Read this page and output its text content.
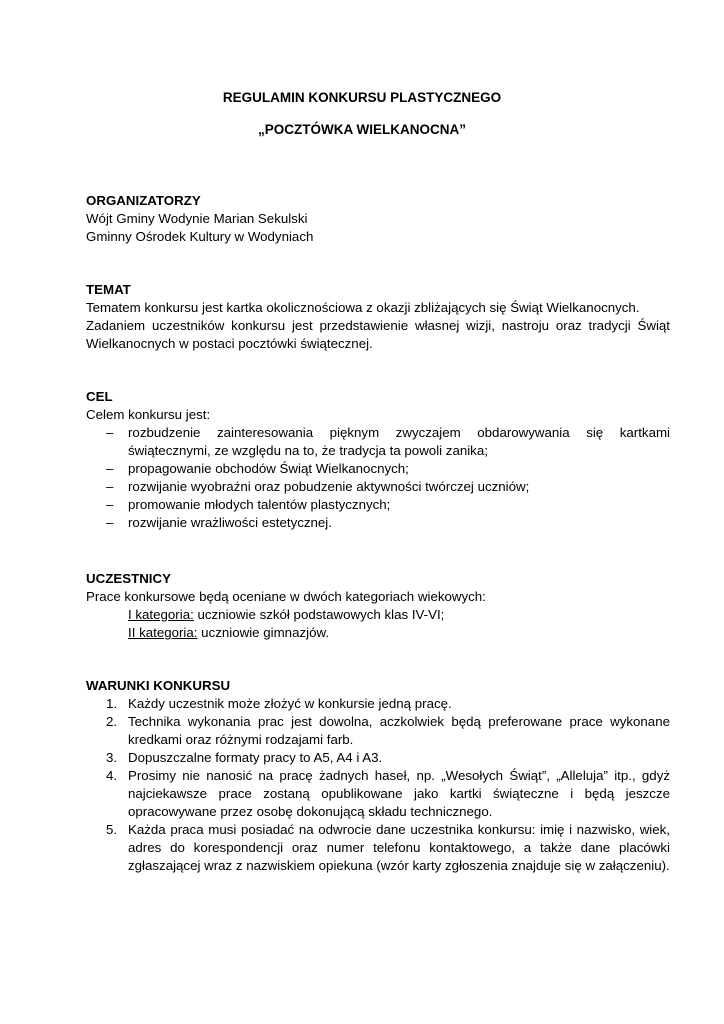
REGULAMIN KONKURSU PLASTYCZNEGO
„POCZTÓWKA WIELKANOCNA”
ORGANIZATORZY
Wójt Gminy Wodynie Marian Sekulski
Gminny Ośrodek Kultury w Wodyniach
TEMAT
Tematem konkursu jest kartka okolicznościowa z okazji zbliżających się Świąt Wielkanocnych.
Zadaniem uczestników konkursu jest przedstawienie własnej wizji, nastroju oraz tradycji Świąt Wielkanocnych w postaci pocztówki świątecznej.
CEL
Celem konkursu jest:
– rozbudzenie zainteresowania pięknym zwyczajem obdarowywania się kartkami świątecznymi, ze względu na to, że tradycja ta powoli zanika;
– propagowanie obchodów Świąt Wielkanocnych;
– rozwijanie wyobraźni oraz pobudzenie aktywności twórczej uczniów;
– promowanie młodych talentów plastycznych;
– rozwijanie wrażliwości estetycznej.
UCZESTNICY
Prace konkursowe będą oceniane w dwóch kategoriach wiekowych:
I kategoria: uczniowie szkół podstawowych klas IV-VI;
II kategoria: uczniowie gimnazjów.
WARUNKI KONKURSU
1. Każdy uczestnik może złożyć w konkursie jedną pracę.
2. Technika wykonania prac jest dowolna, aczkolwiek będą preferowane prace wykonane kredkami oraz różnymi rodzajami farb.
3. Dopuszczalne formaty pracy to A5, A4 i A3.
4. Prosimy nie nanosić na pracę żadnych haseł, np. „Wesołych Świąt”, „Alleluja” itp., gdyż najciekawsze prace zostaną opublikowane jako kartki świąteczne i będą jeszcze opracowywane przez osobę dokonującą składu technicznego.
5. Każda praca musi posiadać na odwrocie dane uczestnika konkursu: imię i nazwisko, wiek, adres do korespondencji oraz numer telefonu kontaktowego, a także dane placówki zgłaszającej wraz z nazwiskiem opiekuna (wzór karty zgłoszenia znajduje się w załączeniu).
